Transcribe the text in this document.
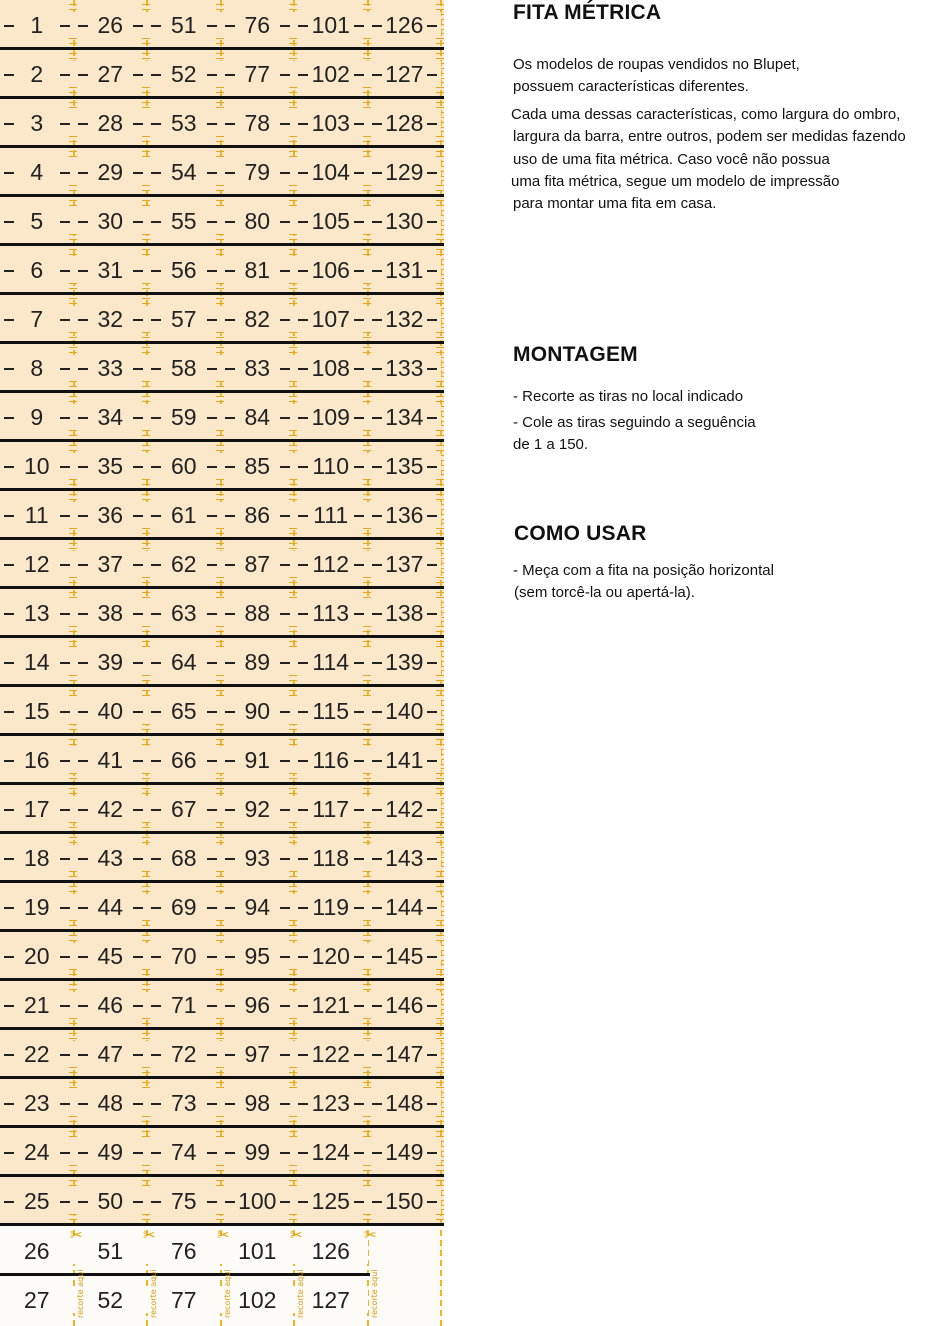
1	26	51	76	101	126
2	27	52	77	102	127
3	28	53	78	103	128
4	29	54	79	104	129
5	30	55	80	105	130
6	31	56	81	106	131
7	32	57	82	107	132
8	33	58	83	108	133
9	34	59	84	109	134
10	35	60	85	110	135
11	36	61	86	111	136
12	37	62	87	112	137
13	38	63	88	113	138
14	39	64	89	114	139
15	40	65	90	115	140
16	41	66	91	116	141
17	42	67	92	117	142
18	43	68	93	118	143
19	44	69	94	119	144
20	45	70	95	120	145
21	46	71	96	121	146
22	47	72	97	122	147
23	48	73	98	123	148
24	49	74	99	124	149
25	50	75	100	125	150
26	51	76	101	126
27	52	77	102	127
✂
recorte aqui
✂
recorte aqui
✂
recorte aqui
✂
recorte aqui
✂
recorte aqui
FITA MÉTRICA
Os modelos de roupas vendidos no Blupet,
possuem características diferentes.
Cada uma dessas características, como largura do ombro,
largura da barra, entre outros, podem ser medidas fazendo
uso de uma fita métrica. Caso você não possua
uma fita métrica, segue um modelo de impressão
para montar uma fita em casa.
MONTAGEM
- Recorte as tiras no local indicado
- Cole as tiras seguindo a seguência
de 1 a 150.
COMO USAR
- Meça com a fita na posição horizontal
(sem torcê-la ou apertá-la).
